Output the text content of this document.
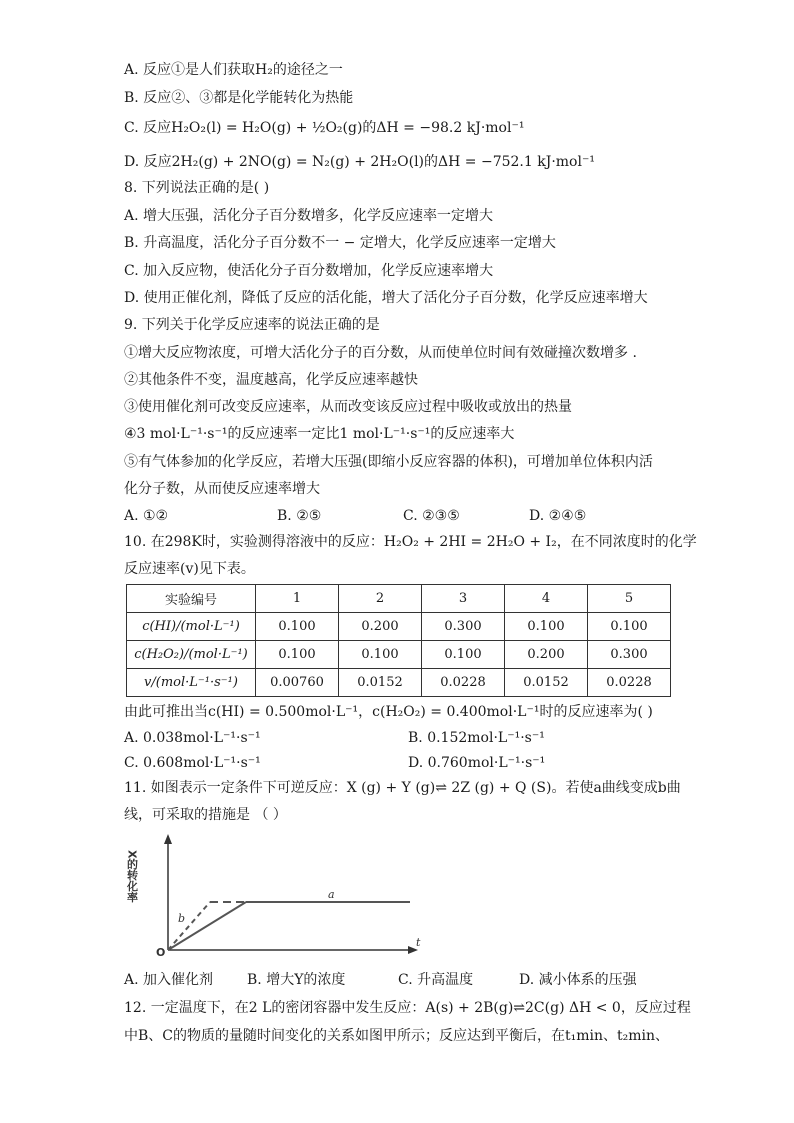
A. 反应①是人们获取H₂的途径之一
B. 反应②、③都是化学能转化为热能
C. 反应H₂O₂(l) = H₂O(g) + ½O₂(g)的ΔH = −98.2 kJ·mol⁻¹
D. 反应2H₂(g) + 2NO(g) = N₂(g) + 2H₂O(l)的ΔH = −752.1 kJ·mol⁻¹
8. 下列说法正确的是( )
A. 增大压强，活化分子百分数增多，化学反应速率一定增大
B. 升高温度，活化分子百分数不一 − 定增大，化学反应速率一定增大
C. 加入反应物，使活化分子百分数增加，化学反应速率增大
D. 使用正催化剂，降低了反应的活化能，增大了活化分子百分数，化学反应速率增大
9. 下列关于化学反应速率的说法正确的是
①增大反应物浓度，可增大活化分子的百分数，从而使单位时间有效碰撞次数增多 .
②其他条件不变，温度越高，化学反应速率越快
③使用催化剂可改变反应速率，从而改变该反应过程中吸收或放出的热量
④3 mol·L⁻¹·s⁻¹的反应速率一定比1 mol·L⁻¹·s⁻¹的反应速率大
⑤有气体参加的化学反应，若增大压强(即缩小反应容器的体积)，可增加单位体积内活
化分子数，从而使反应速率增大
A. ①②	B. ②⑤	C. ②③⑤	D. ②④⑤
10. 在298K时，实验测得溶液中的反应：H₂O₂ + 2HI = 2H₂O + I₂，在不同浓度时的化学
反应速率(v)见下表。
实验编号	1	2	3	4	5
c(HI)/(mol·L⁻¹)	0.100	0.200	0.300	0.100	0.100
c(H₂O₂)/(mol·L⁻¹)	0.100	0.100	0.100	0.200	0.300
v/(mol·L⁻¹·s⁻¹)	0.00760	0.0152	0.0228	0.0152	0.0228
由此可推出当c(HI) = 0.500mol·L⁻¹，c(H₂O₂) = 0.400mol·L⁻¹时的反应速率为( )
A. 0.038mol·L⁻¹·s⁻¹	B. 0.152mol·L⁻¹·s⁻¹
C. 0.608mol·L⁻¹·s⁻¹	D. 0.760mol·L⁻¹·s⁻¹
11. 如图表示一定条件下可逆反应：X (g) + Y (g)⇌ 2Z (g) + Q (S)。若使a曲线变成b曲
线，可采取的措施是 （ ）
X的转化率
O
t
a
b
A. 加入催化剂 B. 增大Y的浓度	C. 升高温度	D. 减小体系的压强
12. 一定温度下，在2 L的密闭容器中发生反应：A(s) + 2B(g)⇌2C(g) ΔH < 0，反应过程
中B、C的物质的量随时间变化的关系如图甲所示；反应达到平衡后，在t₁min、t₂min、
